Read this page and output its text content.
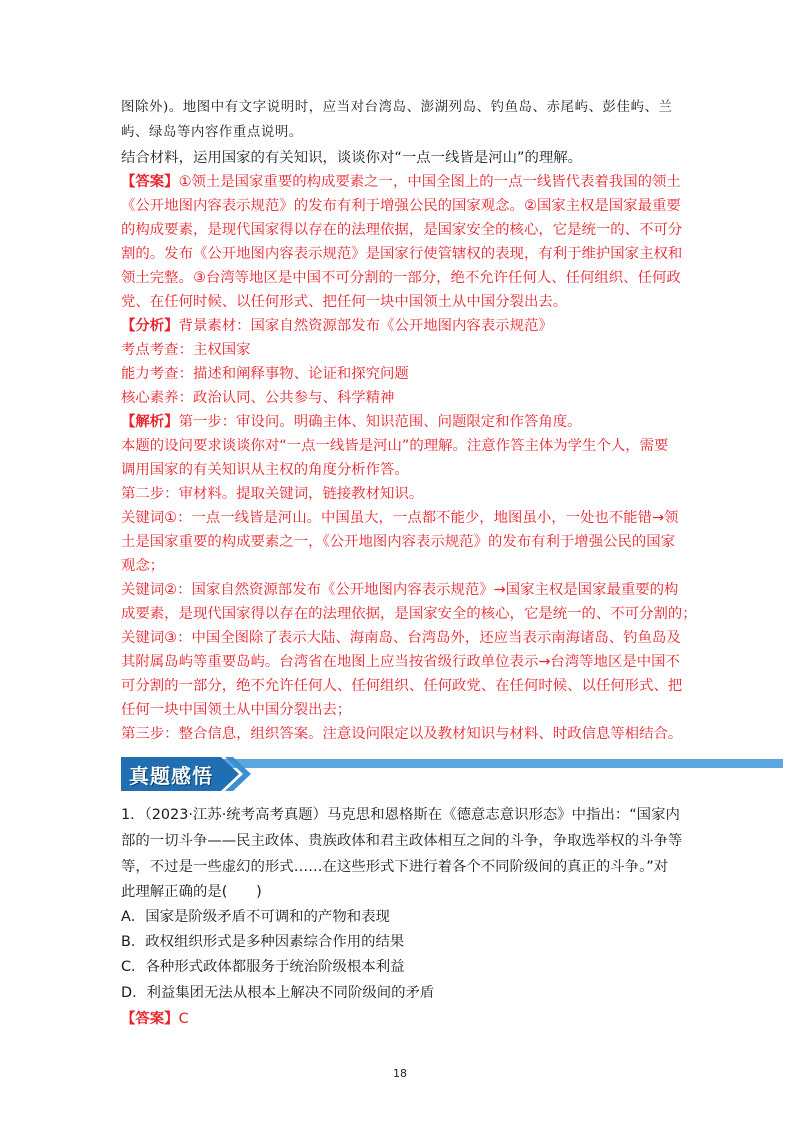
图除外)。地图中有文字说明时，应当对台湾岛、澎湖列岛、钓鱼岛、赤尾屿、彭佳屿、兰
屿、绿岛等内容作重点说明。
结合材料，运用国家的有关知识，谈谈你对“一点一线皆是河山”的理解。
【答案】①领土是国家重要的构成要素之一，中国全图上的一点一线皆代表着我国的领土
《公开地图内容表示规范》的发布有利于增强公民的国家观念。②国家主权是国家最重要
的构成要素，是现代国家得以存在的法理依据，是国家安全的核心，它是统一的、不可分
割的。发布《公开地图内容表示规范》是国家行使管辖权的表现，有利于维护国家主权和
领土完整。③台湾等地区是中国不可分割的一部分，绝不允许任何人、任何组织、任何政
党、在任何时候、以任何形式、把任何一块中国领土从中国分裂出去。
【分析】背景素材：国家自然资源部发布《公开地图内容表示规范》
考点考查：主权国家
能力考查：描述和阐释事物、论证和探究问题
核心素养：政治认同、公共参与、科学精神
【解析】第一步：审设问。明确主体、知识范围、问题限定和作答角度。
本题的设问要求谈谈你对“一点一线皆是河山”的理解。注意作答主体为学生个人，需要
调用国家的有关知识从主权的角度分析作答。
第二步：审材料。提取关键词，链接教材知识。
关键词①：一点一线皆是河山。中国虽大，一点都不能少，地图虽小，一处也不能错→领
土是国家重要的构成要素之一，《公开地图内容表示规范》的发布有利于增强公民的国家
观念；
关键词②：国家自然资源部发布《公开地图内容表示规范》→国家主权是国家最重要的构
成要素，是现代国家得以存在的法理依据，是国家安全的核心，它是统一的、不可分割的；
关键词③：中国全图除了表示大陆、海南岛、台湾岛外，还应当表示南海诸岛、钓鱼岛及
其附属岛屿等重要岛屿。台湾省在地图上应当按省级行政单位表示→台湾等地区是中国不
可分割的一部分，绝不允许任何人、任何组织、任何政党、在任何时候、以任何形式、把
任何一块中国领土从中国分裂出去；
第三步：整合信息，组织答案。注意设问限定以及教材知识与材料、时政信息等相结合。
真题感悟
1．（2023·江苏·统考高考真题）马克思和恩格斯在《德意志意识形态》中指出：“国家内
部的一切斗争——民主政体、贵族政体和君主政体相互之间的斗争，争取选举权的斗争等
等，不过是一些虚幻的形式……在这些形式下进行着各个不同阶级间的真正的斗争。”对
此理解正确的是(　　)
A．国家是阶级矛盾不可调和的产物和表现
B．政权组织形式是多种因素综合作用的结果
C．各种形式政体都服务于统治阶级根本利益
D．利益集团无法从根本上解决不同阶级间的矛盾
【答案】C
18
